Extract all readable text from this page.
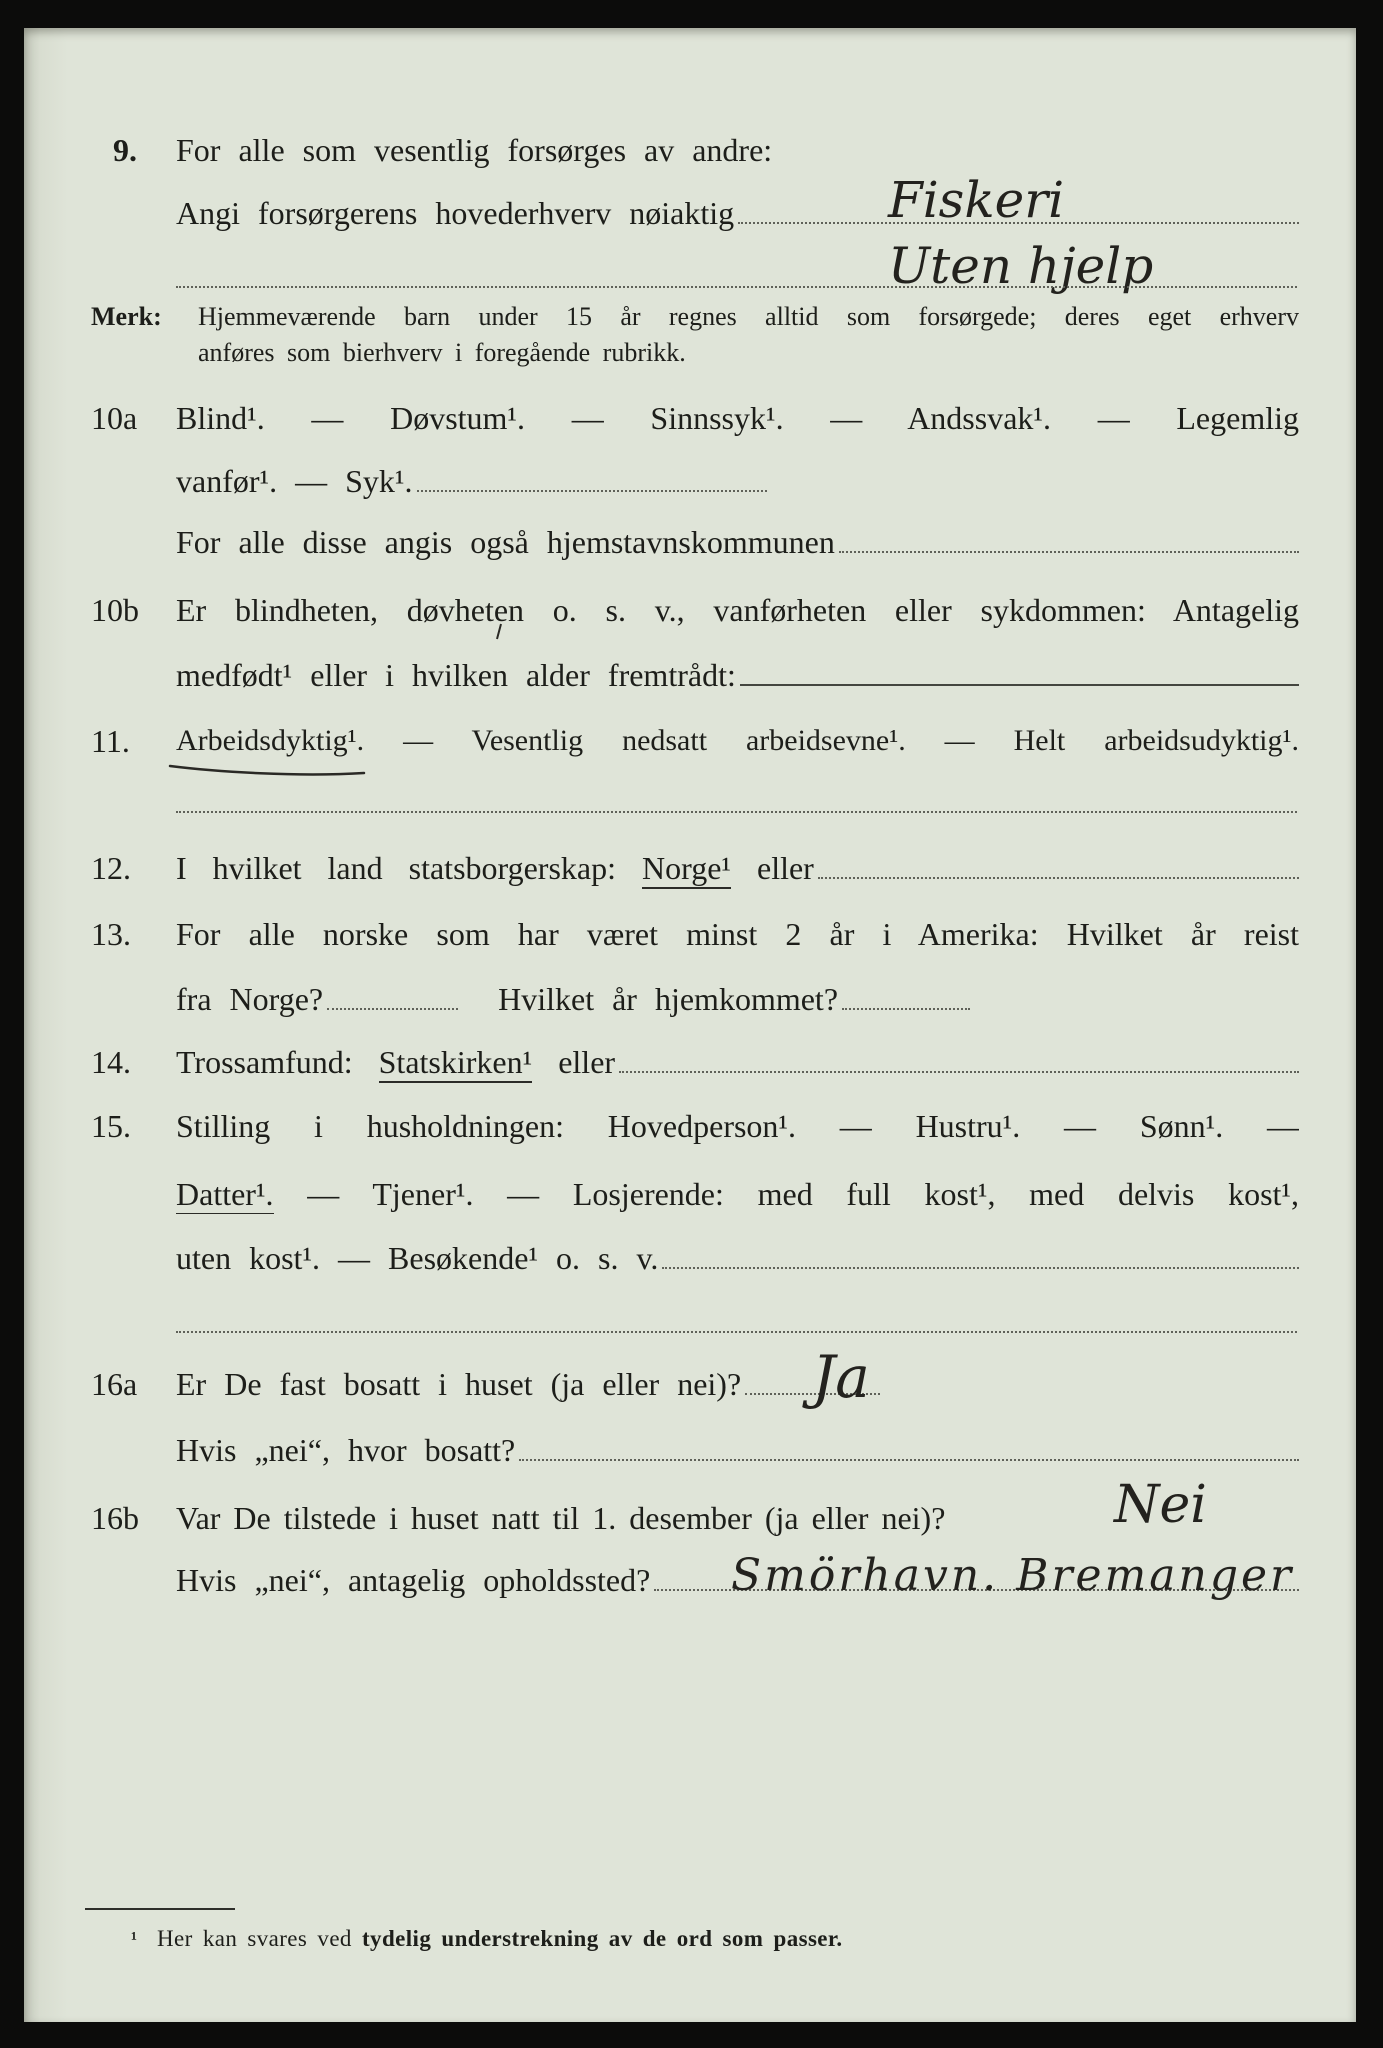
9. For alle som vesentlig forsørges av andre:
Angi forsørgerens hovederhverv nøiaktig	Fiskeri
Uten hjelp
Merk: Hjemmeværende barn under 15 år regnes alltid som forsørgede; deres eget erhverv
anføres som bierhverv i foregående rubrikk.
10a Blind¹. — Døvstum¹. — Sinnssyk¹. — Andssvak¹. — Legemlig
vanfør¹. — Syk¹.
For alle disse angis også hjemstavnskommunen
10b Er blindheten, døvheten o. s. v., vanførheten eller sykdommen: Antagelig
medfødt¹ eller i hvilken alder fremtrådt:
11. Arbeidsdyktig¹. — Vesentlig nedsatt arbeidsevne¹. — Helt arbeidsudyktig¹.
12. I hvilket land statsborgerskap: Norge¹ eller
13. For alle norske som har været minst 2 år i Amerika: Hvilket år reist
fra Norge?	Hvilket år hjemkommet?
14. Trossamfund: Statskirken¹ eller
15. Stilling i husholdningen: Hovedperson¹. — Hustru¹. — Sønn¹. —
Datter¹. — Tjener¹. — Losjerende: med full kost¹, med delvis kost¹,
uten kost¹. — Besøkende¹ o. s. v.
16a Er De fast bosatt i huset (ja eller nei)? Ja
Hvis „nei“, hvor bosatt?
16b Var De tilstede i huset natt til 1. desember (ja eller nei)?	Nei
Hvis „nei“, antagelig opholdssted? Smörhavn. Bremanger
¹ Her kan svares ved tydelig understrekning av de ord som passer.
